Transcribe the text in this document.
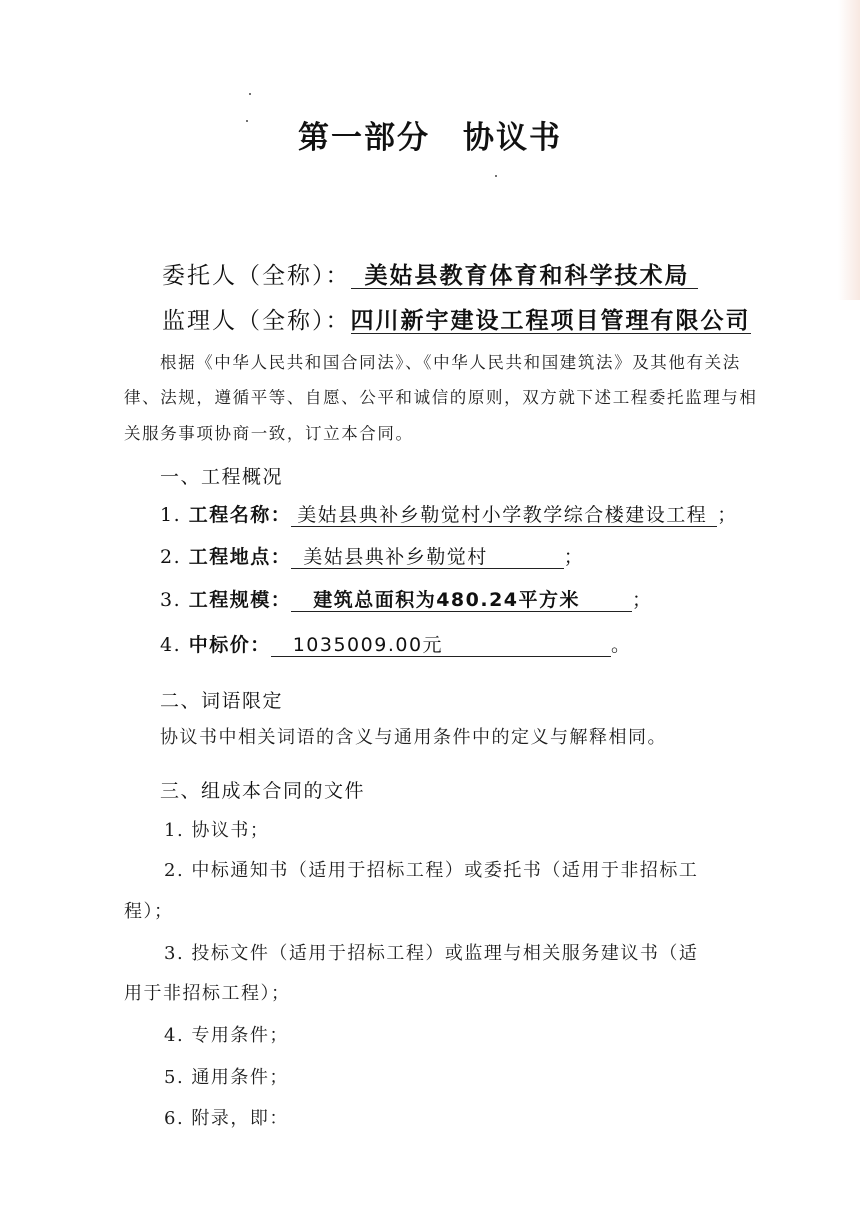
第一部分　协议书
委托人（全称）： 美姑县教育体育和科学技术局
监理人（全称）：四川新宇建设工程项目管理有限公司
根据《中华人民共和国合同法》、《中华人民共和国建筑法》及其他有关法
律、法规，遵循平等、自愿、公平和诚信的原则，双方就下述工程委托监理与相
关服务事项协商一致，订立本合同。
一、工程概况
1. 工程名称： 美姑县典补乡勒觉村小学教学综合楼建设工程 ；
2. 工程地点： 美姑县典补乡勒觉村	；
3. 工程规模： 建筑总面积为480.24平方米	；
4. 中标价： 1035009.00元	。
二、词语限定
协议书中相关词语的含义与通用条件中的定义与解释相同。
三、组成本合同的文件
1. 协议书；
2. 中标通知书（适用于招标工程）或委托书（适用于非招标工
程）；
3. 投标文件（适用于招标工程）或监理与相关服务建议书（适
用于非招标工程）；
4. 专用条件；
5. 通用条件；
6. 附录，即：
